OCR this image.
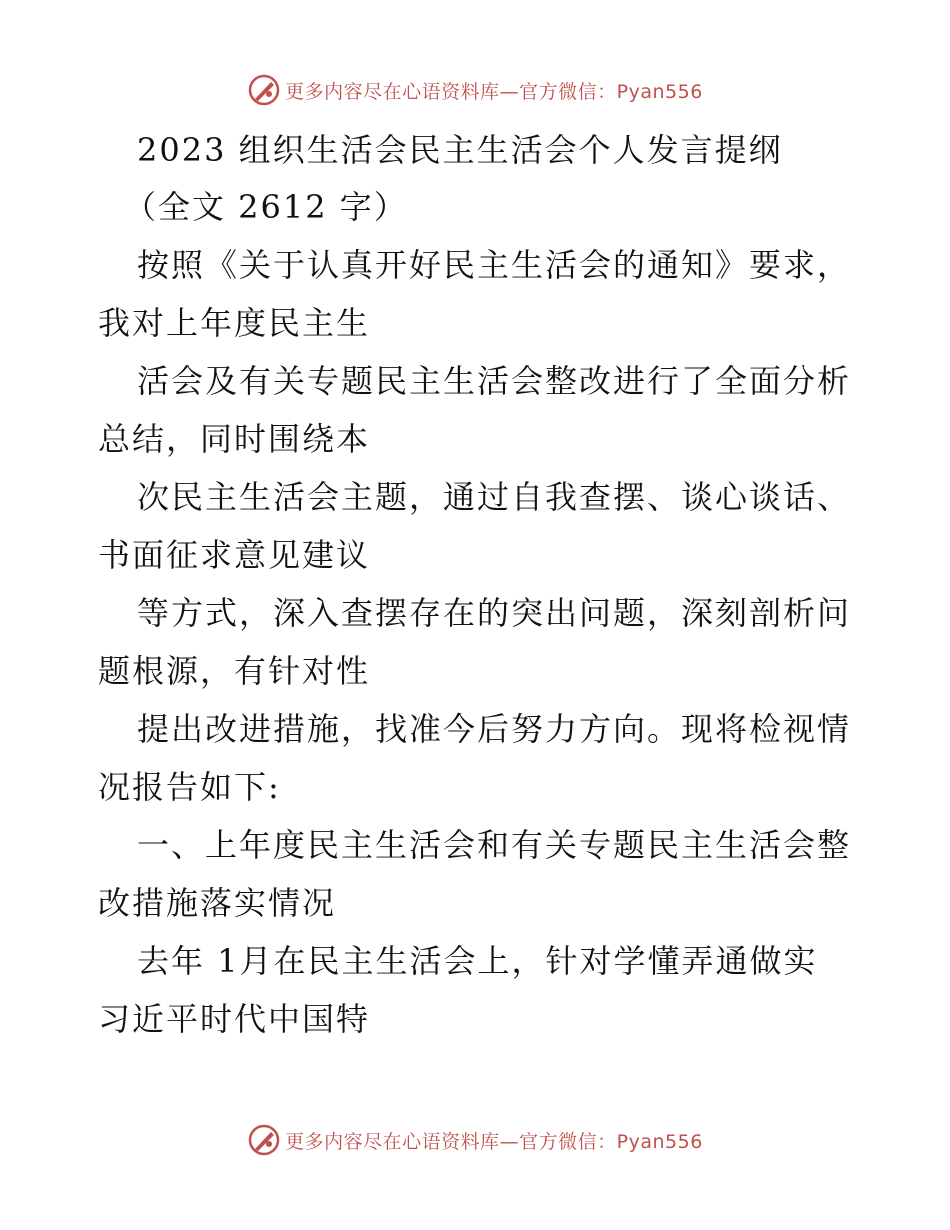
更多内容尽在心语资料库—官方微信：Pyan556
2023 组织生活会民主生活会个人发言提纲
（全文 2612 字）
按照《关于认真开好民主生活会的通知》要求，
我对上年度民主生
活会及有关专题民主生活会整改进行了全面分析
总结，同时围绕本
次民主生活会主题，通过自我查摆、谈心谈话、
书面征求意见建议
等方式，深入查摆存在的突出问题，深刻剖析问
题根源，有针对性
提出改进措施，找准今后努力方向。现将检视情
况报告如下:
一、上年度民主生活会和有关专题民主生活会整
改措施落实情况
去年 1月在民主生活会上，针对学懂弄通做实
习近平时代中国特
更多内容尽在心语资料库—官方微信：Pyan556
